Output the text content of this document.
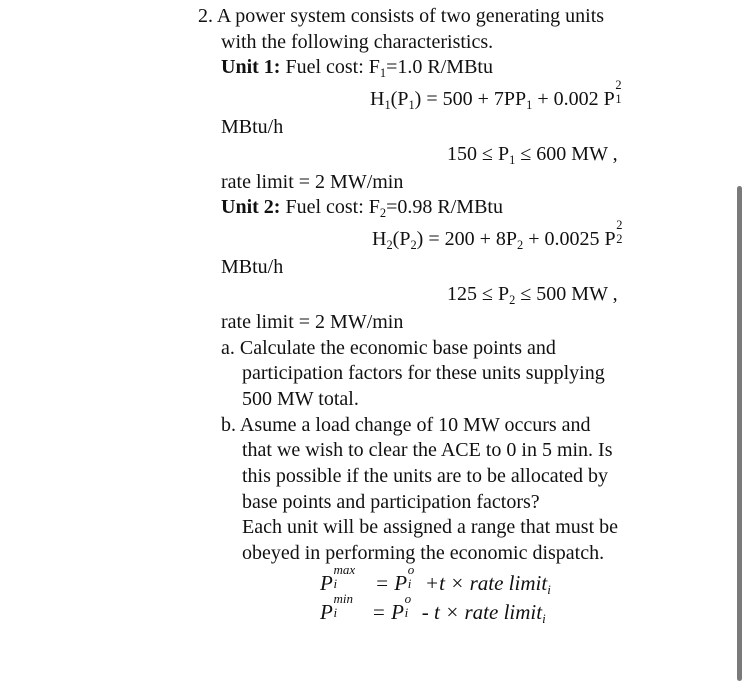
2. A power system consists of two generating units
with the following characteristics.
Unit 1: Fuel cost: $F_1=1.0$ R/MBtu
$H_1(P_1) = 500 + 7PP_1 + 0.002$ P
2
1
MBtu/h
$150 \le P_1 \le 600$ MW ,
rate limit = 2 MW/min
Unit 2: Fuel cost: $F_2=0.98$ R/MBtu
$H_2(P_2) = 200 + 8P_2 + 0.0025$ P
2
2
MBtu/h
$125 \le P_2 \le 500$ MW ,
rate limit = 2 MW/min
a. Calculate the economic base points and
participation factors for these units supplying
500 MW total.
b. Asume a load change of 10 MW occurs and
that we wish to clear the ACE to 0 in 5 min. Is
this possible if the units are to be allocated by
base points and participation factors?
Each unit will be assigned a range that must be
obeyed in performing the economic dispatch.
P
max
i = P
o
i +t × rate limit$_i$
P
min
i = P
o
i - t × rate limit$_i$
